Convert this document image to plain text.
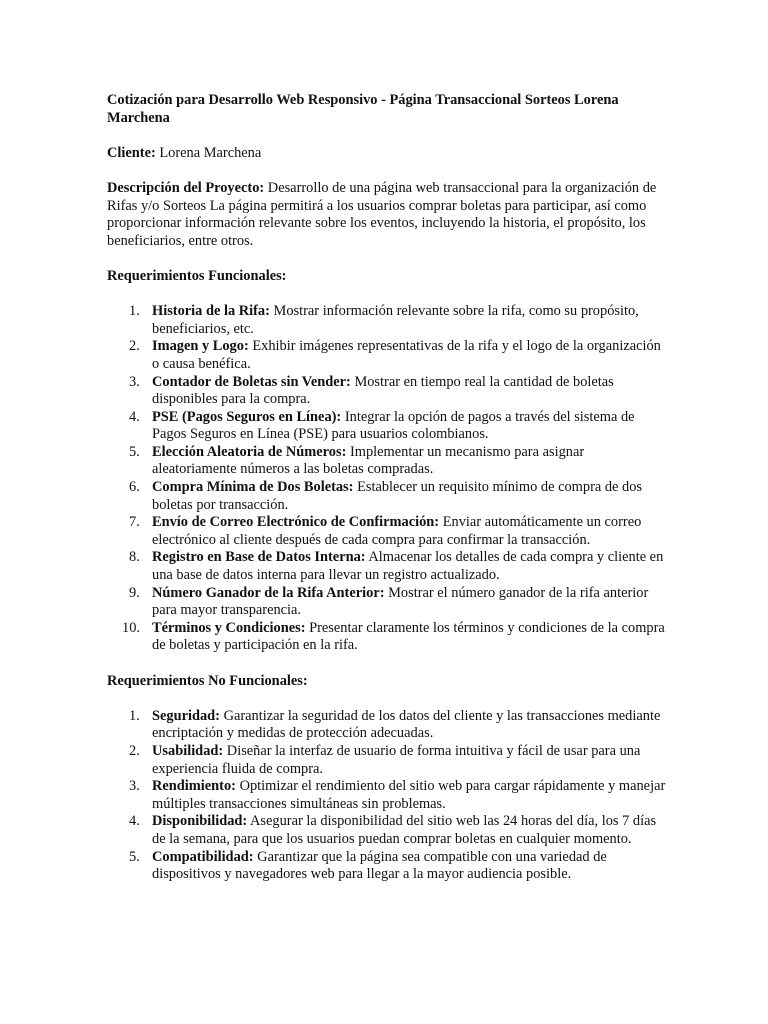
Cotización para Desarrollo Web Responsivo - Página Transaccional Sorteos Lorena Marchena

Cliente: Lorena Marchena

Descripción del Proyecto: Desarrollo de una página web transaccional para la organización de Rifas y/o Sorteos La página permitirá a los usuarios comprar boletas para participar, así como proporcionar información relevante sobre los eventos, incluyendo la historia, el propósito, los beneficiarios, entre otros.

Requerimientos Funcionales:

1. Historia de la Rifa: Mostrar información relevante sobre la rifa, como su propósito, beneficiarios, etc.
2. Imagen y Logo: Exhibir imágenes representativas de la rifa y el logo de la organización o causa benéfica.
3. Contador de Boletas sin Vender: Mostrar en tiempo real la cantidad de boletas disponibles para la compra.
4. PSE (Pagos Seguros en Línea): Integrar la opción de pagos a través del sistema de Pagos Seguros en Línea (PSE) para usuarios colombianos.
5. Elección Aleatoria de Números: Implementar un mecanismo para asignar aleatoriamente números a las boletas compradas.
6. Compra Mínima de Dos Boletas: Establecer un requisito mínimo de compra de dos boletas por transacción.
7. Envío de Correo Electrónico de Confirmación: Enviar automáticamente un correo electrónico al cliente después de cada compra para confirmar la transacción.
8. Registro en Base de Datos Interna: Almacenar los detalles de cada compra y cliente en una base de datos interna para llevar un registro actualizado.
9. Número Ganador de la Rifa Anterior: Mostrar el número ganador de la rifa anterior para mayor transparencia.
10. Términos y Condiciones: Presentar claramente los términos y condiciones de la compra de boletas y participación en la rifa.

Requerimientos No Funcionales:

1. Seguridad: Garantizar la seguridad de los datos del cliente y las transacciones mediante encriptación y medidas de protección adecuadas.
2. Usabilidad: Diseñar la interfaz de usuario de forma intuitiva y fácil de usar para una experiencia fluida de compra.
3. Rendimiento: Optimizar el rendimiento del sitio web para cargar rápidamente y manejar múltiples transacciones simultáneas sin problemas.
4. Disponibilidad: Asegurar la disponibilidad del sitio web las 24 horas del día, los 7 días de la semana, para que los usuarios puedan comprar boletas en cualquier momento.
5. Compatibilidad: Garantizar que la página sea compatible con una variedad de dispositivos y navegadores web para llegar a la mayor audiencia posible.
